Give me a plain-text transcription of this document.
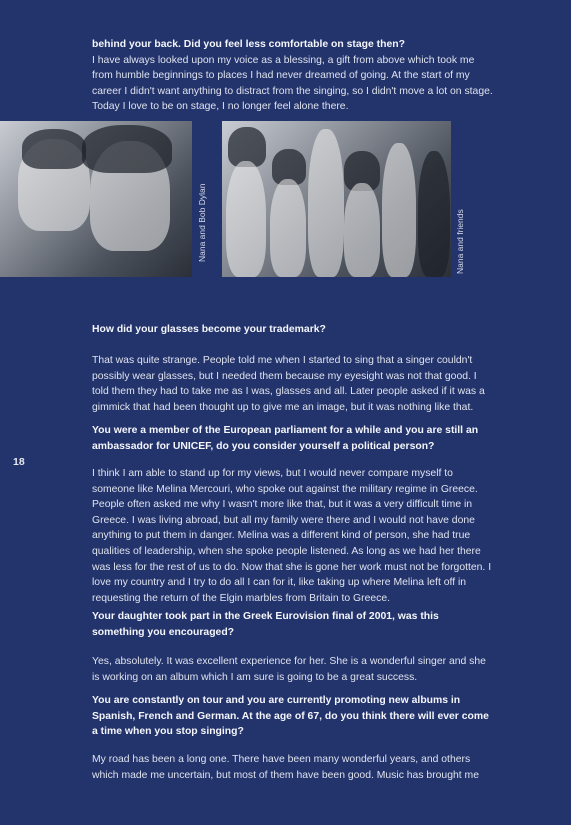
behind your back. Did you feel less comfortable on stage then?

I have always looked upon my voice as a blessing, a gift from above which took me from humble beginnings to places I had never dreamed of going. At the start of my career I didn't want anything to distract from the singing, so I didn't move a lot on stage. Today I love to be on stage, I no longer feel alone there.

Nana and Bob Dylan	Nana and friends
18

How did your glasses become your trademark?

That was quite strange. People told me when I started to sing that a singer couldn't possibly wear glasses, but I needed them because my eyesight was not that good. I told them they had to take me as I was, glasses and all. Later people asked if it was a gimmick that had been thought up to give me an image, but it was nothing like that.

You were a member of the European parliament for a while and you are still an ambassador for UNICEF, do you consider yourself a political person?

I think I am able to stand up for my views, but I would never compare myself to someone like Melina Mercouri, who spoke out against the military regime in Greece. People often asked me why I wasn't more like that, but it was a very difficult time in Greece. I was living abroad, but all my family were there and I would not have done anything to put them in danger. Melina was a different kind of person, she had true qualities of leadership, when she spoke people listened. As long as we had her there was less for the rest of us to do. Now that she is gone her work must not be forgotten. I love my country and I try to do all I can for it, like taking up where Melina left off in requesting the return of the Elgin marbles from Britain to Greece.

Your daughter took part in the Greek Eurovision final of 2001, was this something you encouraged?

Yes, absolutely. It was excellent experience for her. She is a wonderful singer and she is working on an album which I am sure is going to be a great success.

You are constantly on tour and you are currently promoting new albums in Spanish, French and German. At the age of 67, do you think there will ever come a time when you stop singing?

My road has been a long one. There have been many wonderful years, and others which made me uncertain, but most of them have been good. Music has brought me
